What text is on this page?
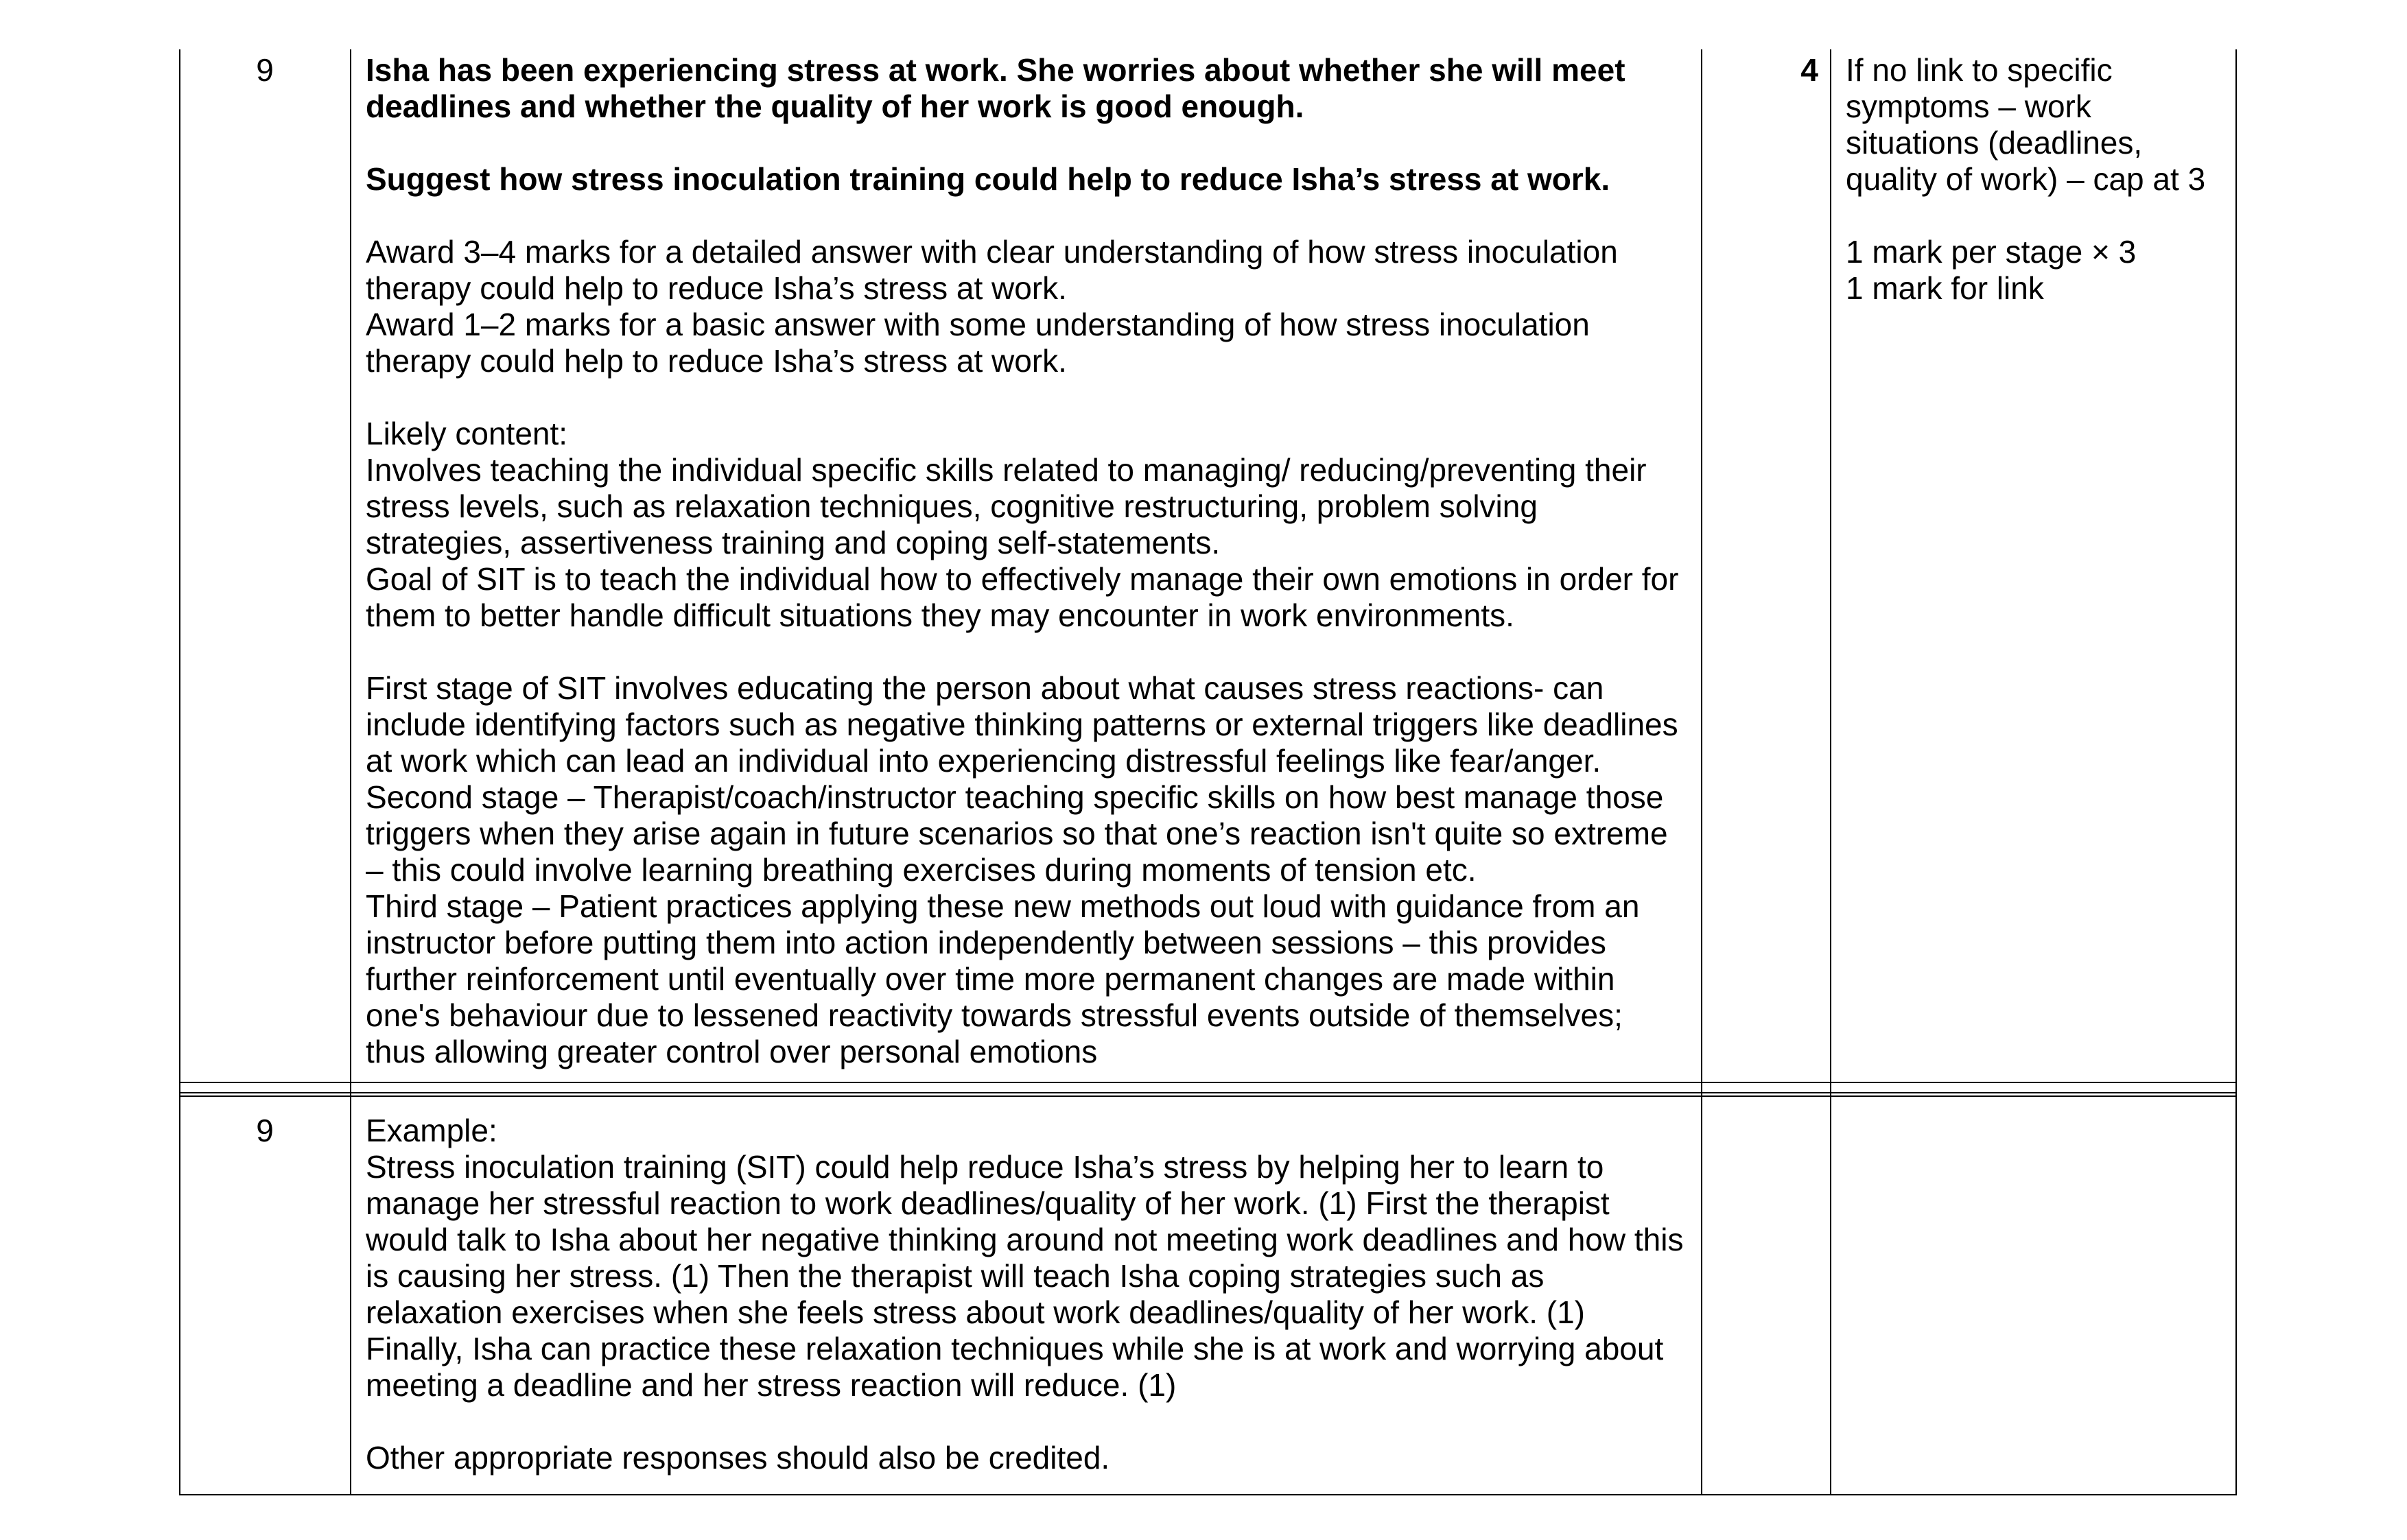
9	Isha has been experiencing stress at work. She worries about whether she will meet
deadlines and whether the quality of her work is good enough.
Suggest how stress inoculation training could help to reduce Isha’s stress at work.
Award 3–4 marks for a detailed answer with clear understanding of how stress inoculation
therapy could help to reduce Isha’s stress at work.
Award 1–2 marks for a basic answer with some understanding of how stress inoculation
therapy could help to reduce Isha’s stress at work.
Likely content:
Involves teaching the individual specific skills related to managing/ reducing/preventing their
stress levels, such as relaxation techniques, cognitive restructuring, problem solving
strategies, assertiveness training and coping self-statements.
Goal of SIT is to teach the individual how to effectively manage their own emotions in order for
them to better handle difficult situations they may encounter in work environments.
First stage of SIT involves educating the person about what causes stress reactions- can
include identifying factors such as negative thinking patterns or external triggers like deadlines
at work which can lead an individual into experiencing distressful feelings like fear/anger.
Second stage – Therapist/coach/instructor teaching specific skills on how best manage those
triggers when they arise again in future scenarios so that one’s reaction isn't quite so extreme
– this could involve learning breathing exercises during moments of tension etc.
Third stage – Patient practices applying these new methods out loud with guidance from an
instructor before putting them into action independently between sessions – this provides
further reinforcement until eventually over time more permanent changes are made within
one's behaviour due to lessened reactivity towards stressful events outside of themselves;
thus allowing greater control over personal emotions
4 If no link to specific
symptoms – work
situations (deadlines,
quality of work) – cap at 3
1 mark per stage × 3
1 mark for link
9	Example:
Stress inoculation training (SIT) could help reduce Isha’s stress by helping her to learn to
manage her stressful reaction to work deadlines/quality of her work. (1) First the therapist
would talk to Isha about her negative thinking around not meeting work deadlines and how this
is causing her stress. (1) Then the therapist will teach Isha coping strategies such as
relaxation exercises when she feels stress about work deadlines/quality of her work. (1)
Finally, Isha can practice these relaxation techniques while she is at work and worrying about
meeting a deadline and her stress reaction will reduce. (1)
Other appropriate responses should also be credited.
